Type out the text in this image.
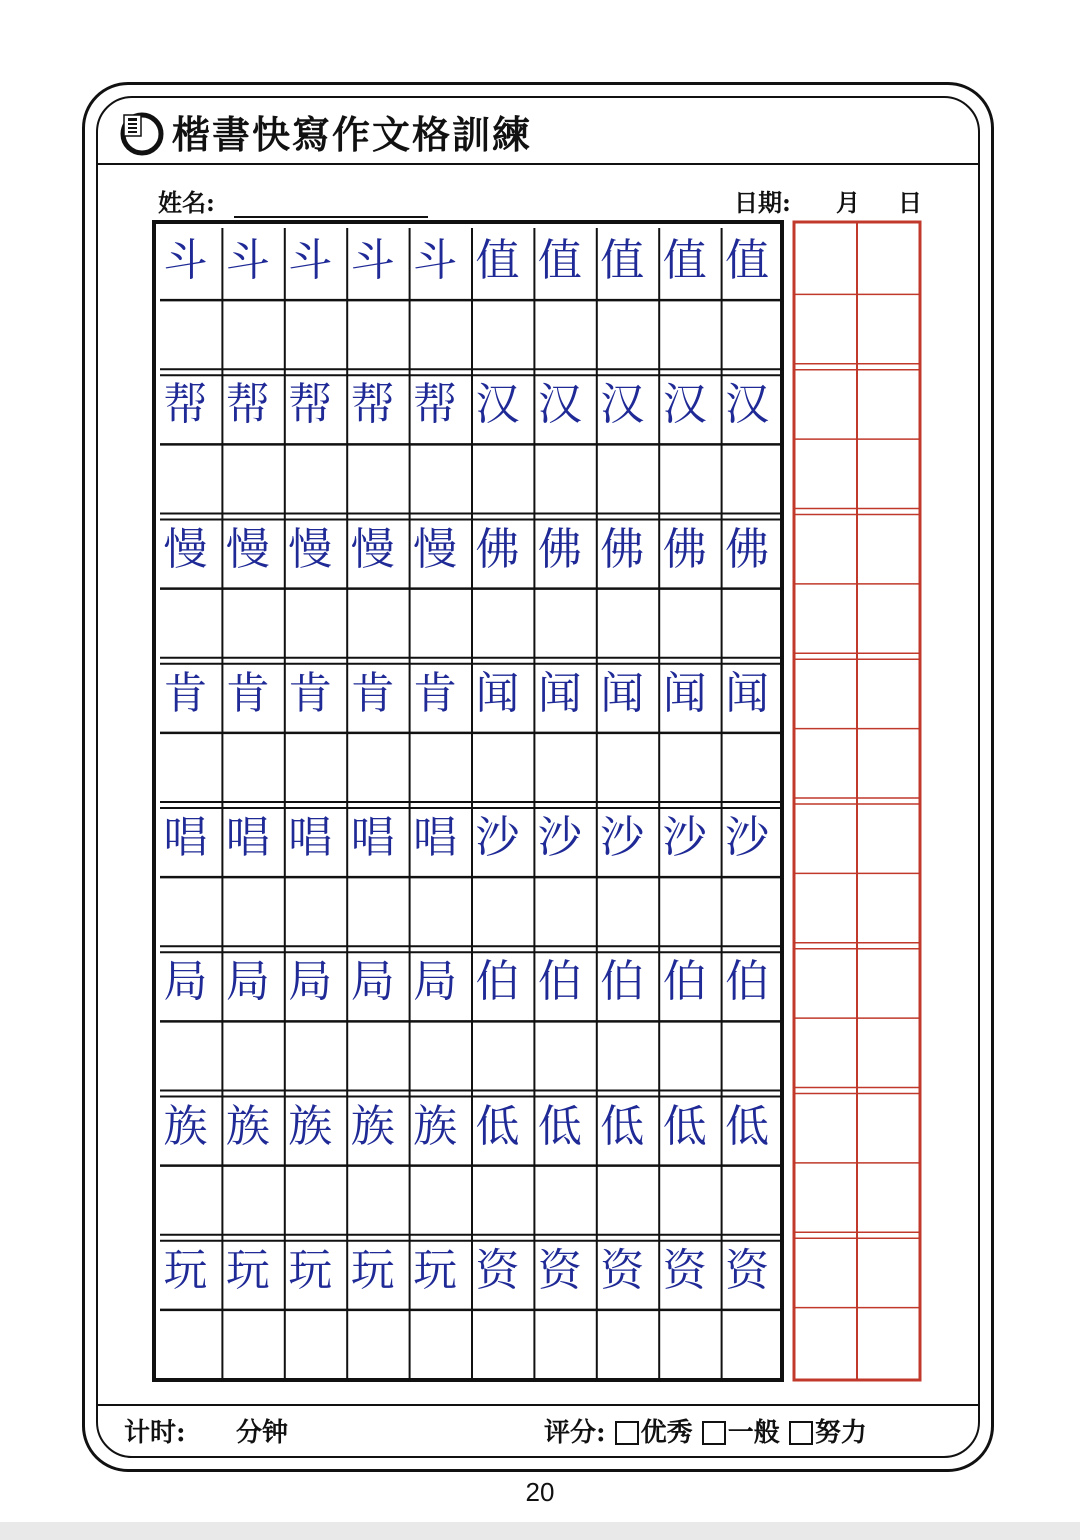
楷書快寫作文格訓練
姓名:	日期: 月 日
斗 斗 斗 斗 斗 值 值 值 值 值
帮 帮 帮 帮 帮 汉 汉 汉 汉 汉
慢 慢 慢 慢 慢 佛 佛 佛 佛 佛
肯 肯 肯 肯 肯 闻 闻 闻 闻 闻
唱 唱 唱 唱 唱 沙 沙 沙 沙 沙
局 局 局 局 局 伯 伯 伯 伯 伯
族 族 族 族 族 低 低 低 低 低
玩 玩 玩 玩 玩 资 资 资 资 资
计时: 分钟	评分: 优秀 一般 努力
20
